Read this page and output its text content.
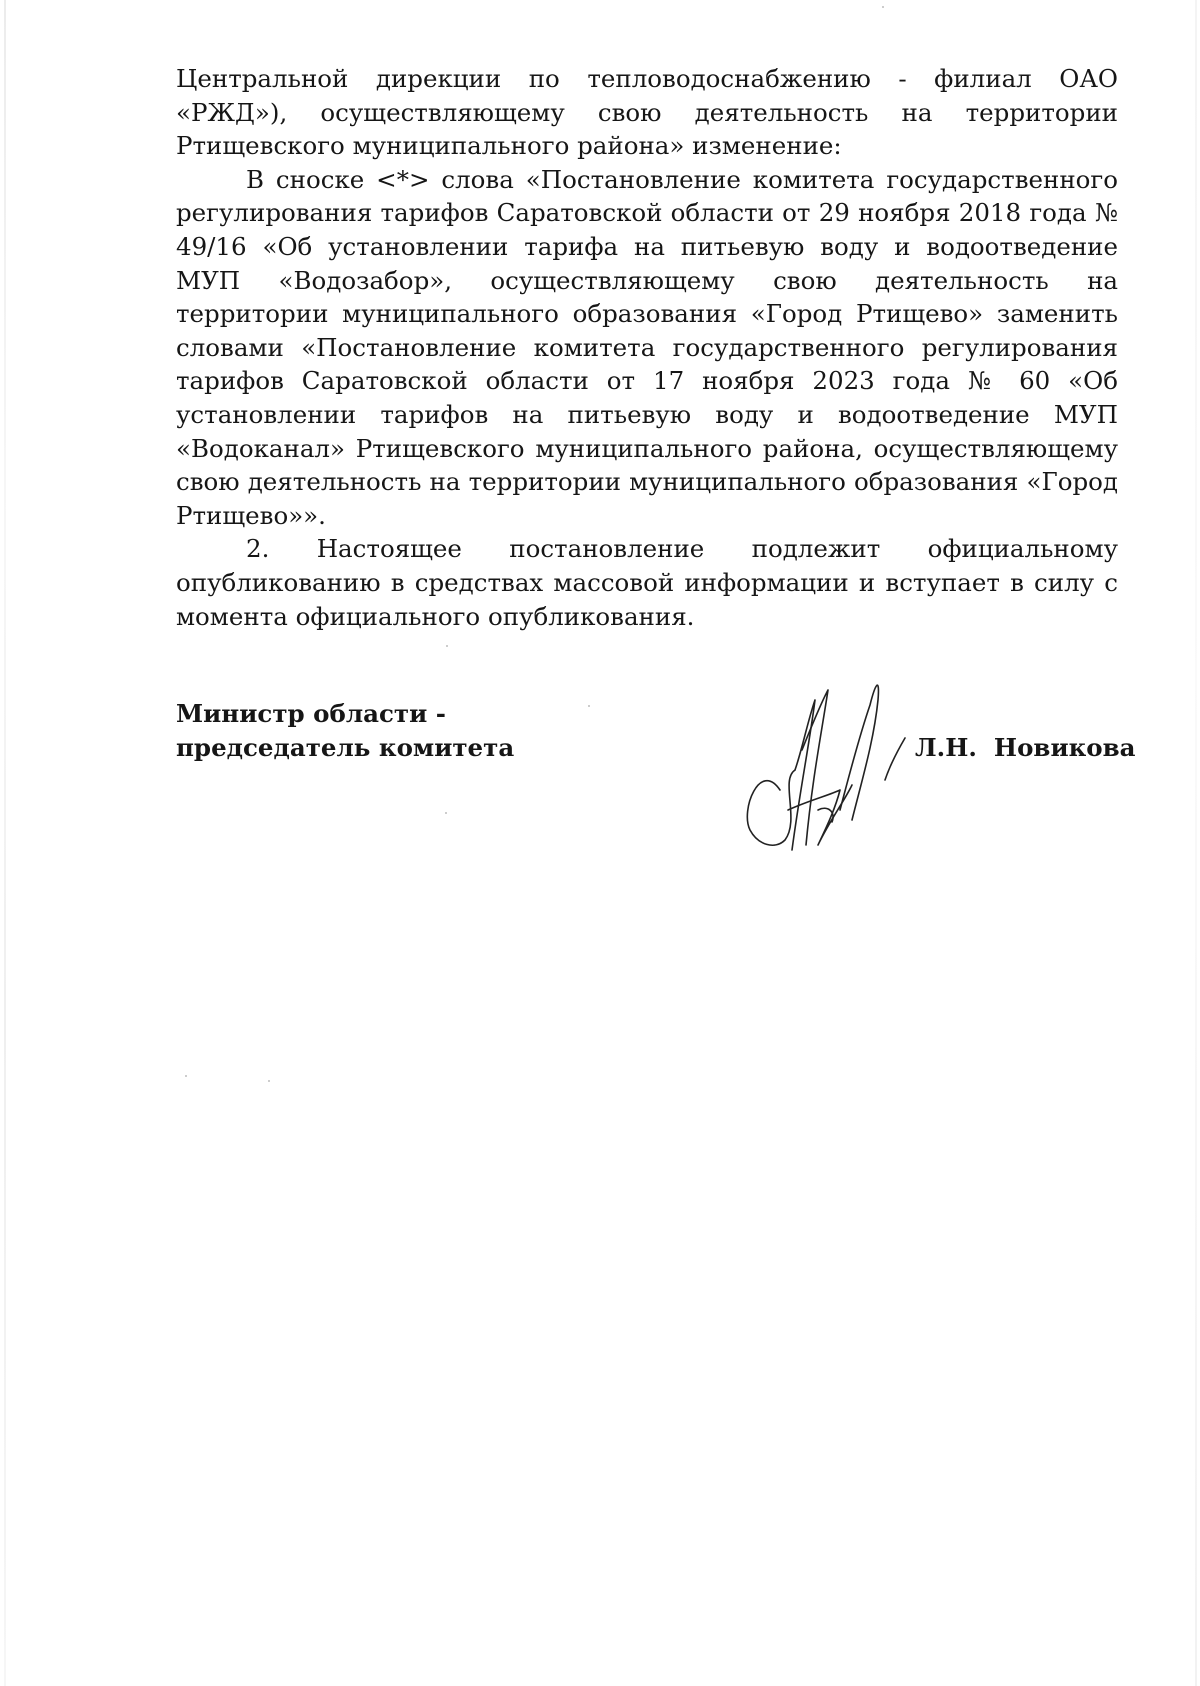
Центральной дирекции по тепловодоснабжению - филиал ОАО «РЖД»), осуществляющему свою деятельность на территории Ртищевского муниципального района» изменение:

В сноске <*> слова «Постановление комитета государственного регулирования тарифов Саратовской области от 29 ноября 2018 года № 49/16 «Об установлении тарифа на питьевую воду и водоотведение МУП «Водозабор», осуществляющему свою деятельность на территории муниципального образования «Город Ртищево» заменить словами «Постановление комитета государственного регулирования тарифов Саратовской области от 17 ноября 2023 года № 60 «Об установлении тарифов на питьевую воду и водоотведение МУП «Водоканал» Ртищевского муниципального района, осуществляющему свою деятельность на территории муниципального образования «Город Ртищево»».

2. Настоящее постановление подлежит официальному опубликованию в средствах массовой информации и вступает в силу с момента официального опубликования.

Министр области -
председатель комитета	Л.Н.  Новикова
